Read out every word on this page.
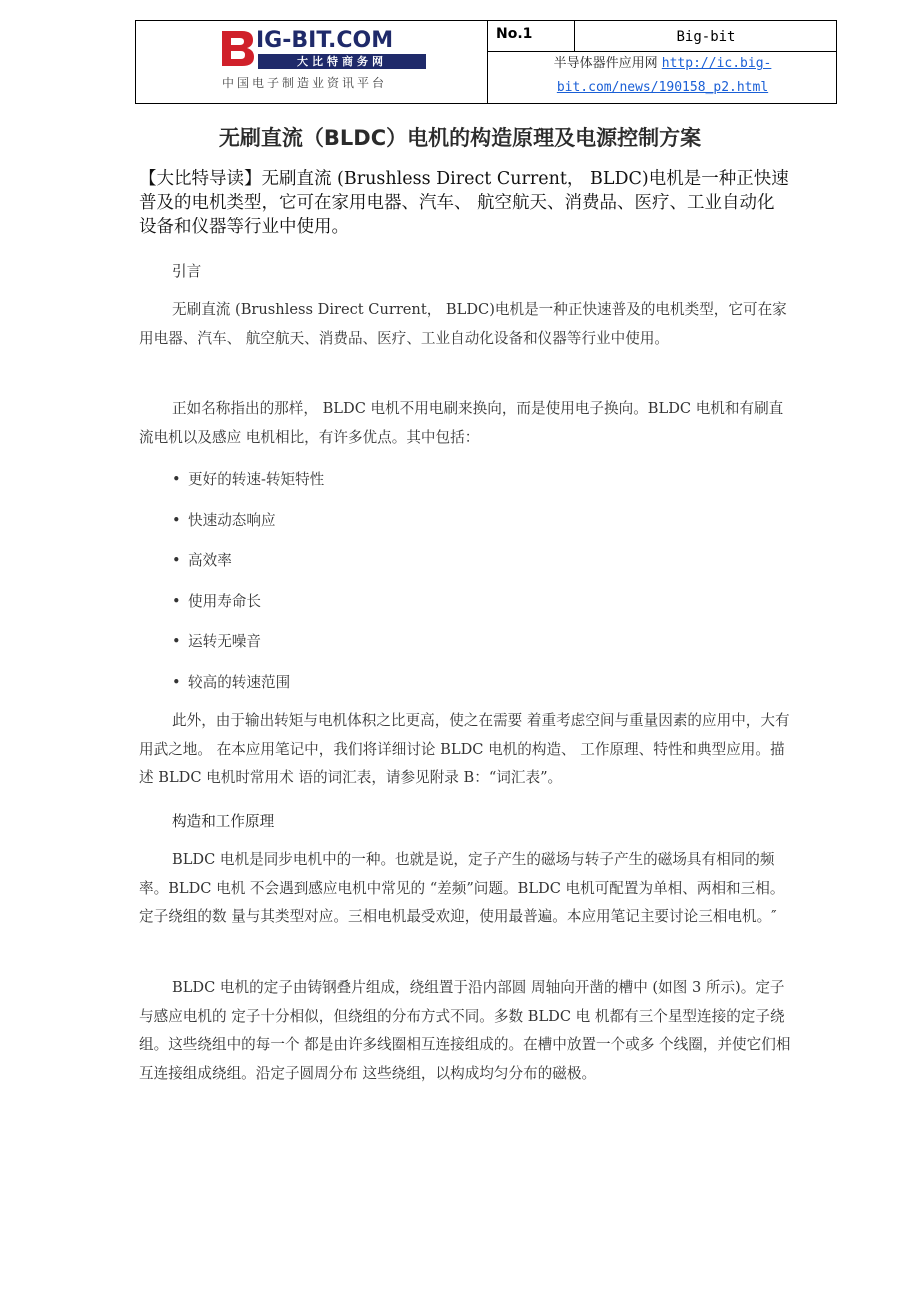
IG-BIT.COM
大比特商务网
中国电子制造业资讯平台
No.1	Big-bit
半导体器件应用网 http://ic.big-
bit.com/news/190158_p2.html
无刷直流（BLDC）电机的构造原理及电源控制方案
【大比特导读】无刷直流 (Brushless Direct Current， BLDC)电机是一种正快速普及的电机类型，它可在家用电器、汽车、 航空航天、消费品、医疗、工业自动化设备和仪器等行业中使用。
引言
无刷直流 (Brushless Direct Current， BLDC)电机是一种正快速普及的电机类型，它可在家用电器、汽车、 航空航天、消费品、医疗、工业自动化设备和仪器等行业中使用。
正如名称指出的那样， BLDC 电机不用电刷来换向，而是使用电子换向。BLDC 电机和有刷直流电机以及感应 电机相比，有许多优点。其中包括：
• 更好的转速-转矩特性
• 快速动态响应
• 高效率
• 使用寿命长
• 运转无噪音
• 较高的转速范围
此外，由于输出转矩与电机体积之比更高，使之在需要 着重考虑空间与重量因素的应用中，大有用武之地。 在本应用笔记中，我们将详细讨论 BLDC 电机的构造、 工作原理、特性和典型应用。描述 BLDC 电机时常用术 语的词汇表，请参见附录 B：“词汇表”。
构造和工作原理
BLDC 电机是同步电机中的一种。也就是说，定子产生的磁场与转子产生的磁场具有相同的频率。BLDC 电机 不会遇到感应电机中常见的 “差频”问题。BLDC 电机可配置为单相、两相和三相。定子绕组的数 量与其类型对应。三相电机最受欢迎，使用最普遍。本应用笔记主要讨论三相电机。″
BLDC 电机的定子由铸钢叠片组成，绕组置于沿内部圆 周轴向开凿的槽中 (如图 3 所示)。定子与感应电机的 定子十分相似，但绕组的分布方式不同。多数 BLDC 电 机都有三个星型连接的定子绕组。这些绕组中的每一个 都是由许多线圈相互连接组成的。在槽中放置一个或多 个线圈，并使它们相互连接组成绕组。沿定子圆周分布 这些绕组，以构成均匀分布的磁极。
